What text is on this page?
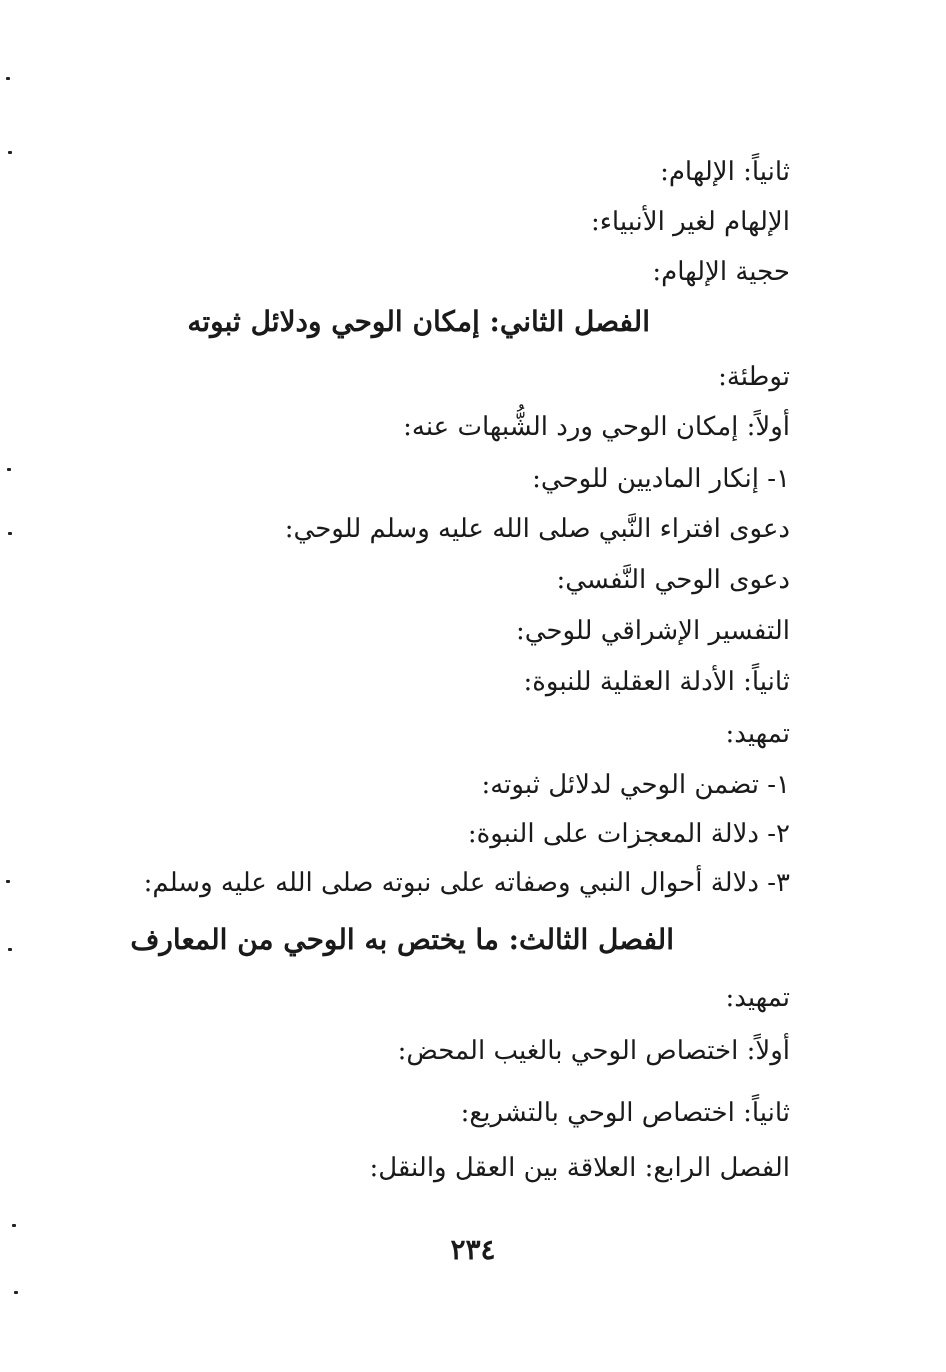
ثانياً: الإلهام:
الإلهام لغير الأنبياء:
حجية الإلهام:
الفصل الثاني: إمكان الوحي ودلائل ثبوته
توطئة:
أولاً: إمكان الوحي ورد الشُّبهات عنه:
١- إنكار الماديين للوحي:
دعوى افتراء النَّبي صلى الله عليه وسلم للوحي:
دعوى الوحي النَّفسي:
التفسير الإشراقي للوحي:
ثانياً: الأدلة العقلية للنبوة:
تمهيد:
١- تضمن الوحي لدلائل ثبوته:
٢- دلالة المعجزات على النبوة:
٣- دلالة أحوال النبي وصفاته على نبوته صلى الله عليه وسلم:
الفصل الثالث: ما يختص به الوحي من المعارف
تمهيد:
أولاً: اختصاص الوحي بالغيب المحض:
ثانياً: اختصاص الوحي بالتشريع:
الفصل الرابع: العلاقة بين العقل والنقل:
٢٣٤
